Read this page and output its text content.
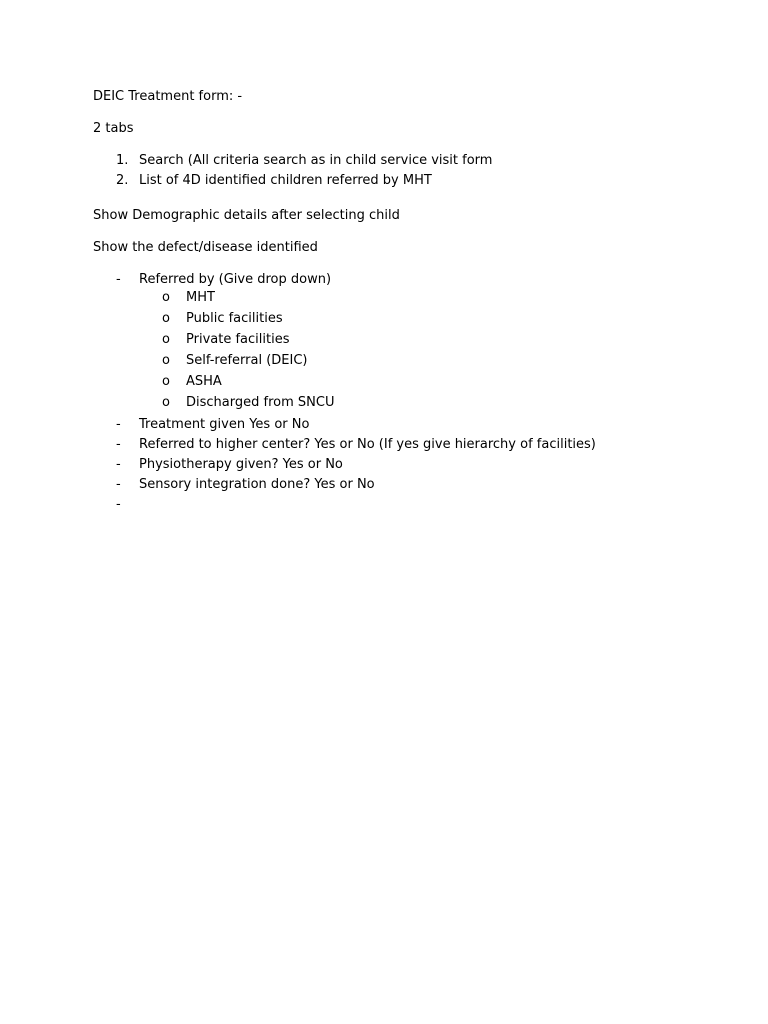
DEIC Treatment form: -

2 tabs

1. Search (All criteria search as in child service visit form
2. List of 4D identified children referred by MHT

Show Demographic details after selecting child

Show the defect/disease identified

- Referred by (Give drop down)
o MHT
o Public facilities
o Private facilities
o Self-referral (DEIC)
o ASHA
o Discharged from SNCU
- Treatment given Yes or No
- Referred to higher center? Yes or No (If yes give hierarchy of facilities)
- Physiotherapy given? Yes or No
- Sensory integration done? Yes or No
-
